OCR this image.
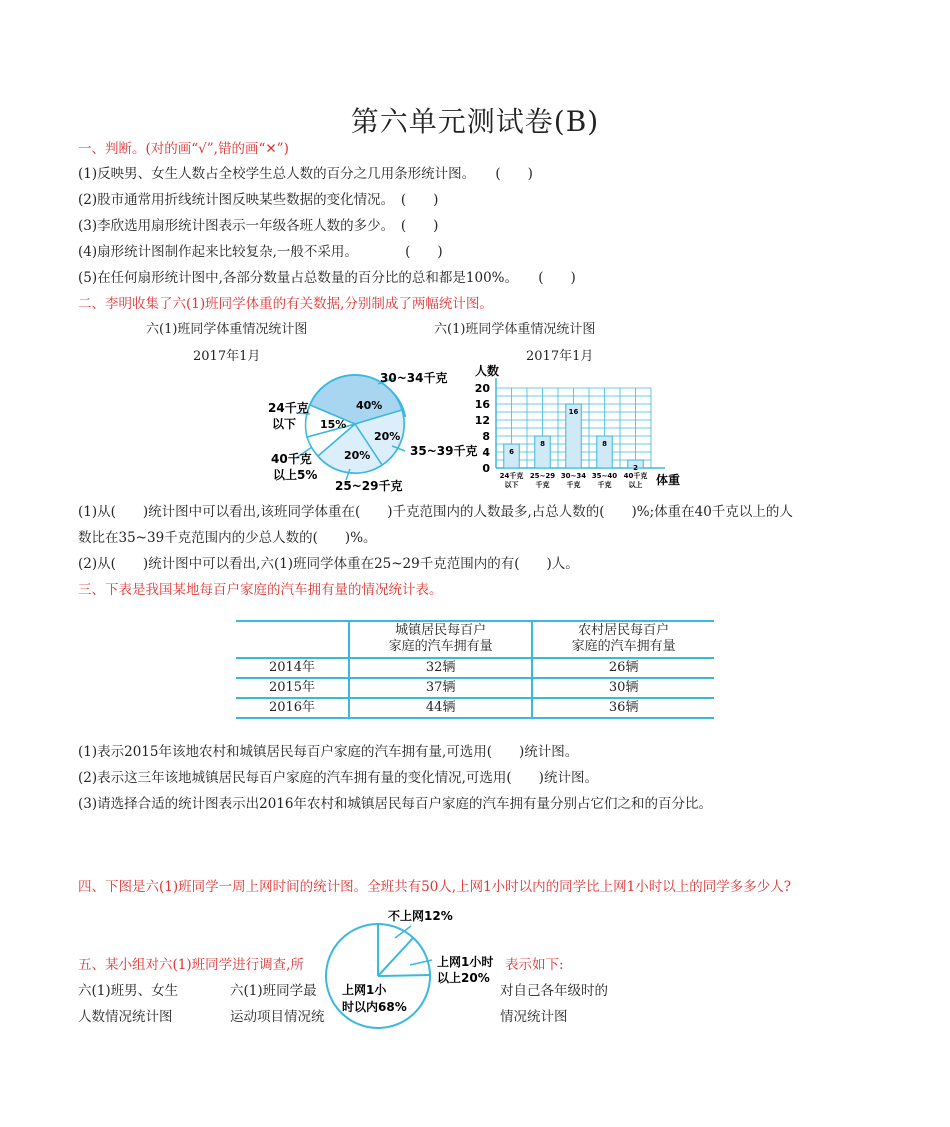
第六单元测试卷(B)
一、判断。(对的画“√”,错的画“✕”)
(1)反映男、女生人数占全校学生总人数的百分之几用条形统计图。　　(　　)
(2)股市通常用折线统计图反映某些数据的变化情况。　(　　)
(3)李欣选用扇形统计图表示一年级各班人数的多少。　(　　)
(4)扇形统计图制作起来比较复杂,一般不采用。　　　　(　　)
(5)在任何扇形统计图中,各部分数量占总数量的百分比的总和都是100%。　　(　　)
二、李明收集了六(1)班同学体重的有关数据,分别制成了两幅统计图。
六(1)班同学体重情况统计图
2017年1月
六(1)班同学体重情况统计图
2017年1月
40%
15%
20%
20%
30~34千克
35~39千克
25~29千克
24千克
以下
40千克
以上5%	0
4
8
12
16
20
6
24千克
以下
8
25~29
千克
16
30~34
千克
8
35~40
千克
2
40千克
以上
人数
体重
(1)从(　　)统计图中可以看出,该班同学体重在(　　)千克范围内的人数最多,占总人数的(　　)%;体重在40千克以上的人
数比在35~39千克范围内的少总人数的(　　)%。
(2)从(　　)统计图中可以看出,六(1)班同学体重在25~29千克范围内的有(　　)人。
三、下表是我国某地每百户家庭的汽车拥有量的情况统计表。
	城镇居民每百户
家庭的汽车拥有量	农村居民每百户
家庭的汽车拥有量
2014年	32辆	26辆
2015年	37辆	30辆
2016年	44辆	36辆
(1)表示2015年该地农村和城镇居民每百户家庭的汽车拥有量,可选用(　　)统计图。
(2)表示这三年该地城镇居民每百户家庭的汽车拥有量的变化情况,可选用(　　)统计图。
(3)请选择合适的统计图表示出2016年农村和城镇居民每百户家庭的汽车拥有量分别占它们之和的百分比。
四、下图是六(1)班同学一周上网时间的统计图。全班共有50人,上网1小时以内的同学比上网1小时以上的同学多多少人?
五、某小组对六(1)班同学进行调查,所	表示如下:
六(1)班男、女生
人数情况统计图
六(1)班同学最
运动项目情况统
对自己各年级时的
情况统计图
不上网12%
上网1小时
以上20%
上网1小
时以内68%
